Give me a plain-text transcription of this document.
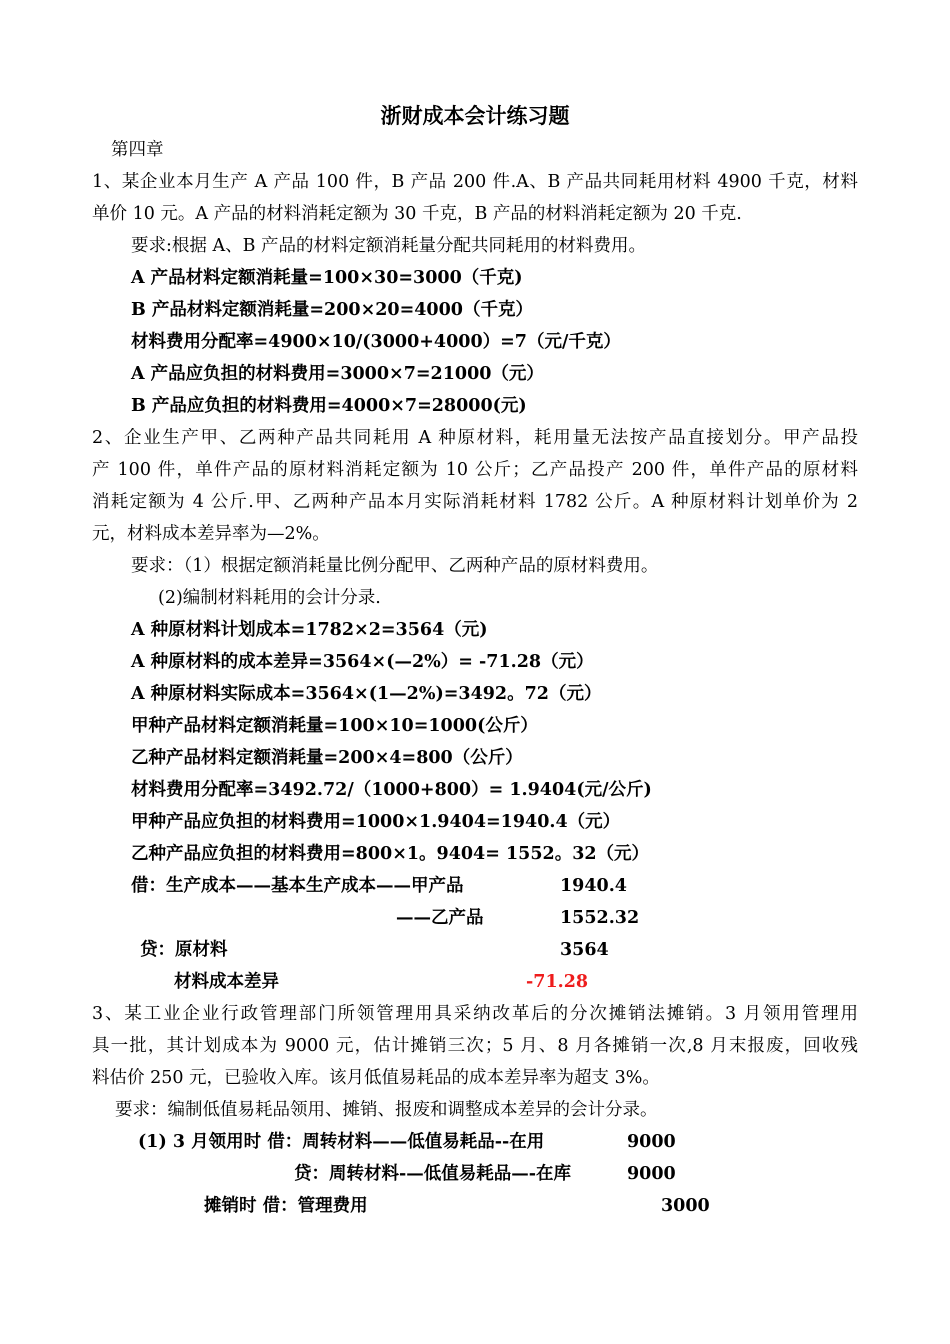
浙财成本会计练习题
第四章
1、某企业本月生产 A 产品 100 件，B 产品 200 件.A、B 产品共同耗用材料 4900 千克，材料
单价 10 元。A 产品的材料消耗定额为 30 千克，B 产品的材料消耗定额为 20 千克.
要求:根据 A、B 产品的材料定额消耗量分配共同耗用的材料费用。
A 产品材料定额消耗量=100×30=3000（千克)
B 产品材料定额消耗量=200×20=4000（千克）
材料费用分配率=4900×10/(3000+4000）=7（元/千克）
A 产品应负担的材料费用=3000×7=21000（元）
B 产品应负担的材料费用=4000×7=28000(元)
2、企业生产甲、乙两种产品共同耗用 A 种原材料，耗用量无法按产品直接划分。甲产品投
产 100 件，单件产品的原材料消耗定额为 10 公斤；乙产品投产 200 件，单件产品的原材料
消耗定额为 4 公斤.甲、乙两种产品本月实际消耗材料 1782 公斤。A 种原材料计划单价为 2
元，材料成本差异率为—2%。
要求：（1）根据定额消耗量比例分配甲、乙两种产品的原材料费用。
(2)编制材料耗用的会计分录.
A 种原材料计划成本=1782×2=3564（元)
A 种原材料的成本差异=3564×(—2%）= -71.28（元）
A 种原材料实际成本=3564×(1—2%)=3492。72（元）
甲种产品材料定额消耗量=100×10=1000(公斤）
乙种产品材料定额消耗量=200×4=800（公斤）
材料费用分配率=3492.72/（1000+800）= 1.9404(元/公斤)
甲种产品应负担的材料费用=1000×1.9404=1940.4（元）
乙种产品应负担的材料费用=800×1。9404= 1552。32（元）
借：生产成本——基本生产成本——甲产品	1940.4
——乙产品	1552.32
贷：原材料	3564
材料成本差异	-71.28
3、某工业企业行政管理部门所领管理用具采纳改革后的分次摊销法摊销。3 月领用管理用
具一批，其计划成本为 9000 元，估计摊销三次；5 月、8 月各摊销一次,8 月末报废，回收残
料估价 250 元，已验收入库。该月低值易耗品的成本差异率为超支 3%。
要求：编制低值易耗品领用、摊销、报废和调整成本差异的会计分录。
(1) 3 月领用时 借：周转材料——低值易耗品--在用	9000
贷：周转材料-—低值易耗品—-在库	9000
摊销时 借：管理费用	3000
